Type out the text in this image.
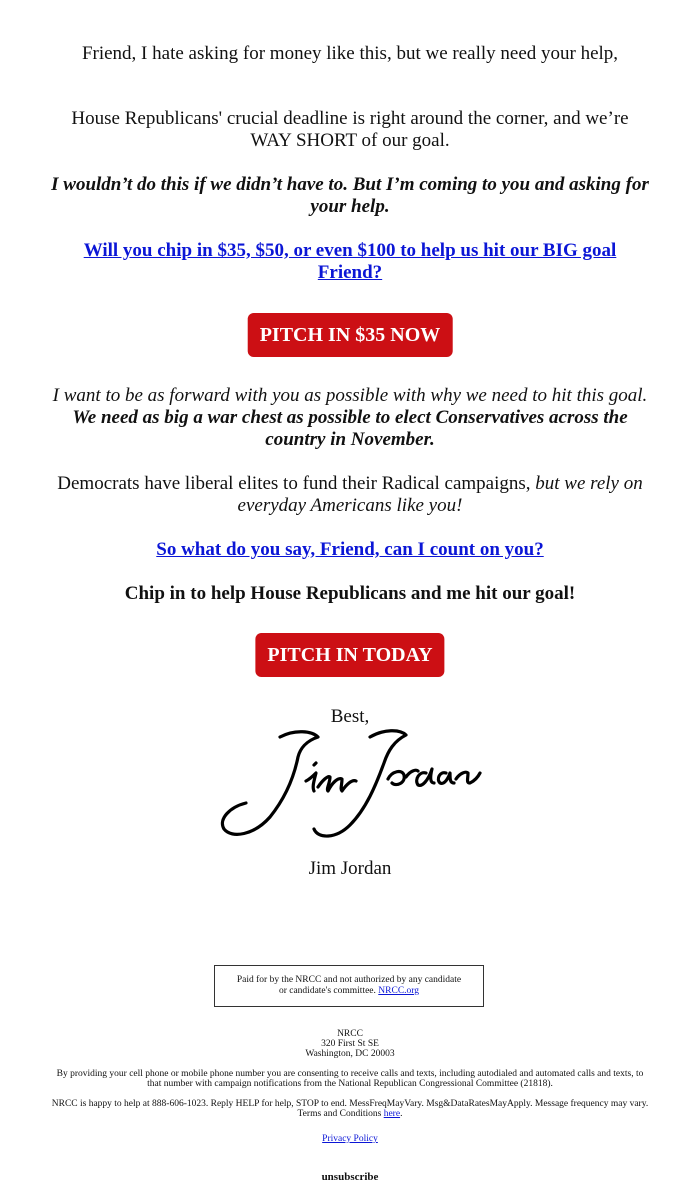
Friend, I hate asking for money like this, but we really need your help,
House Republicans' crucial deadline is right around the corner, and we’re WAY SHORT of our goal.
I wouldn’t do this if we didn’t have to. But I’m coming to you and asking for your help.
Will you chip in $35, $50, or even $100 to help us hit our BIG goal Friend?
PITCH IN $35 NOW
I want to be as forward with you as possible with why we need to hit this goal. We need as big a war chest as possible to elect Conservatives across the country in November.
Democrats have liberal elites to fund their Radical campaigns, but we rely on everyday Americans like you!
So what do you say, Friend, can I count on you?
Chip in to help House Republicans and me hit our goal!
PITCH IN TODAY
Best,
Jim Jordan
Paid for by the NRCC and not authorized by any candidate or candidate's committee. NRCC.org
NRCC
320 First St SE
Washington, DC 20003
By providing your cell phone or mobile phone number you are consenting to receive calls and texts, including autodialed and automated calls and texts, to that number with campaign notifications from the National Republican Congressional Committee (21818).
NRCC is happy to help at 888-606-1023. Reply HELP for help, STOP to end. MessFreqMayVary. Msg&DataRatesMayApply. Message frequency may vary. Terms and Conditions here.
Privacy Policy
unsubscribe
